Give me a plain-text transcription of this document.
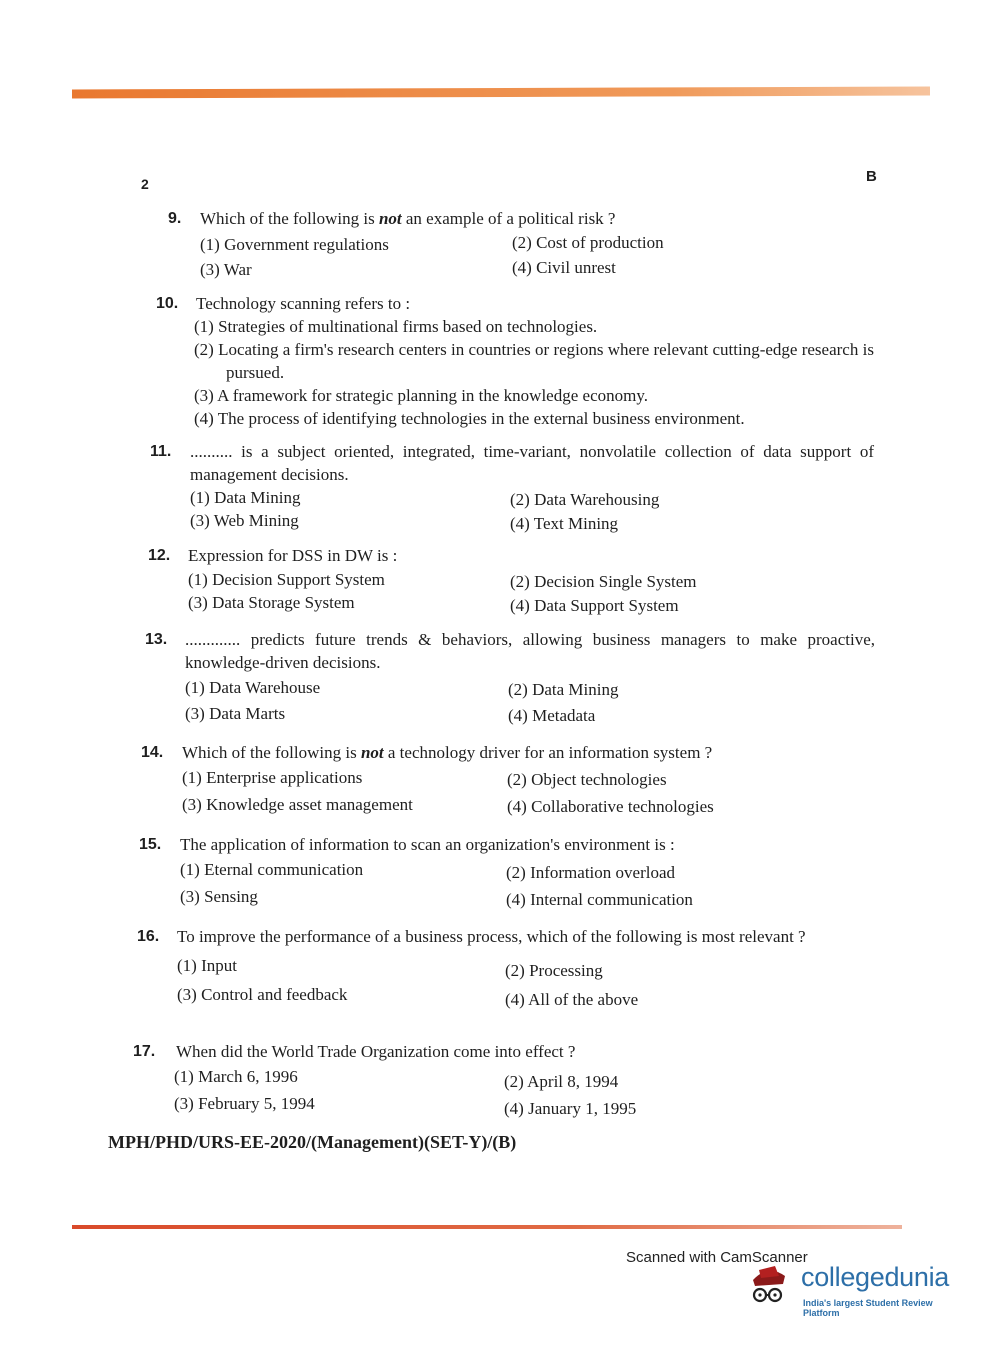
2	B
9. Which of the following is not an example of a political risk ?
(1) Government regulations	(2) Cost of production
(3) War	(4) Civil unrest
10. Technology scanning refers to :
(1) Strategies of multinational firms based on technologies.
(2) Locating a firm's research centers in countries or regions where relevant cutting-edge research is pursued.
(3) A framework for strategic planning in the knowledge economy.
(4) The process of identifying technologies in the external business environment.
11. .......... is a subject oriented, integrated, time-variant, nonvolatile collection of data support of management decisions.
(1) Data Mining	(2) Data Warehousing
(3) Web Mining	(4) Text Mining
12. Expression for DSS in DW is :
(1) Decision Support System	(2) Decision Single System
(3) Data Storage System	(4) Data Support System
13. ............. predicts future trends & behaviors, allowing business managers to make proactive, knowledge-driven decisions.
(1) Data Warehouse	(2) Data Mining
(3) Data Marts	(4) Metadata
14. Which of the following is not a technology driver for an information system ?
(1) Enterprise applications	(2) Object technologies
(3) Knowledge asset management	(4) Collaborative technologies
15. The application of information to scan an organization's environment is :
(1) Eternal communication	(2) Information overload
(3) Sensing	(4) Internal communication
16. To improve the performance of a business process, which of the following is most relevant ?
(1) Input	(2) Processing
(3) Control and feedback	(4) All of the above
17. When did the World Trade Organization come into effect ?
(1) March 6, 1996	(2) April 8, 1994
(3) February 5, 1994	(4) January 1, 1995
MPH/PHD/URS-EE-2020/(Management)(SET-Y)/(B)
Scanned with CamScanner
collegedunia
India's largest Student Review Platform
